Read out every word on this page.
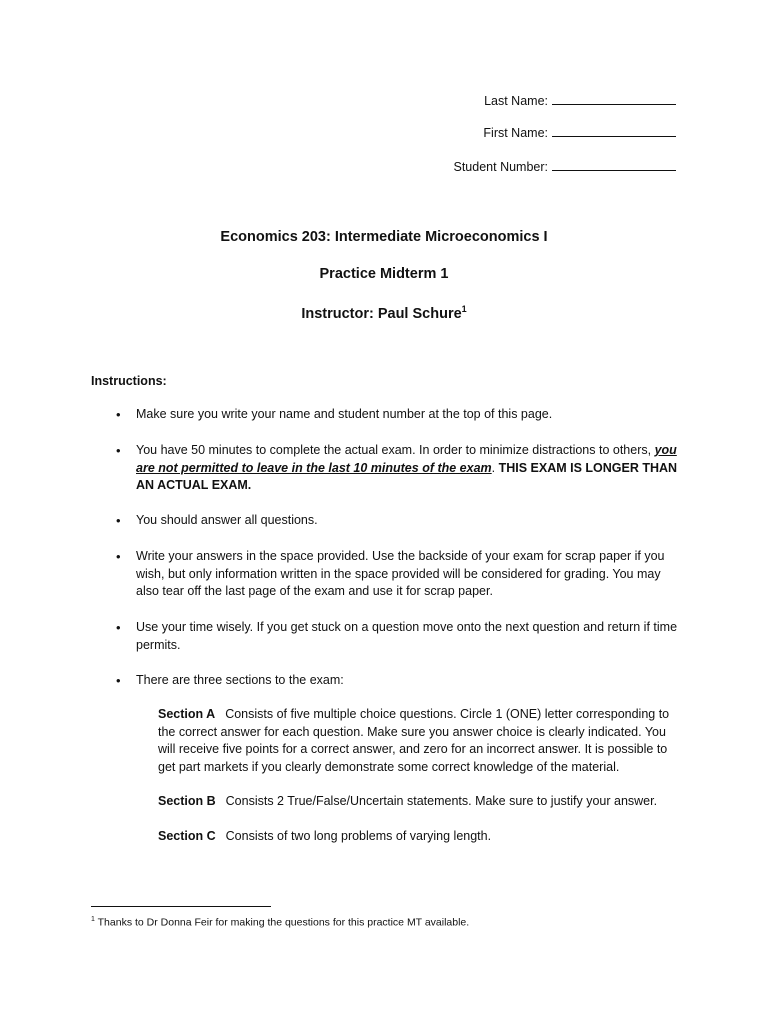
Last Name:
First Name:
Student Number:
Economics 203: Intermediate Microeconomics I
Practice Midterm 1
Instructor: Paul Schure$^1$
Instructions:
• Make sure you write your name and student number at the top of this page.
• You have 50 minutes to complete the actual exam. In order to minimize distractions to others, you are not permitted to leave in the last 10 minutes of the exam. THIS EXAM IS LONGER THAN AN ACTUAL EXAM.
• You should answer all questions.
• Write your answers in the space provided. Use the backside of your exam for scrap paper if you wish, but only information written in the space provided will be considered for grading. You may also tear off the last page of the exam and use it for scrap paper.
• Use your time wisely. If you get stuck on a question move onto the next question and return if time permits.
• There are three sections to the exam:
Section A Consists of five multiple choice questions. Circle 1 (ONE) letter corresponding to the correct answer for each question. Make sure you answer choice is clearly indicated. You will receive five points for a correct answer, and zero for an incorrect answer. It is possible to get part markets if you clearly demonstrate some correct knowledge of the material.
Section B Consists 2 True/False/Uncertain statements. Make sure to justify your answer.
Section C Consists of two long problems of varying length.
$^1$ Thanks to Dr Donna Feir for making the questions for this practice MT available.
